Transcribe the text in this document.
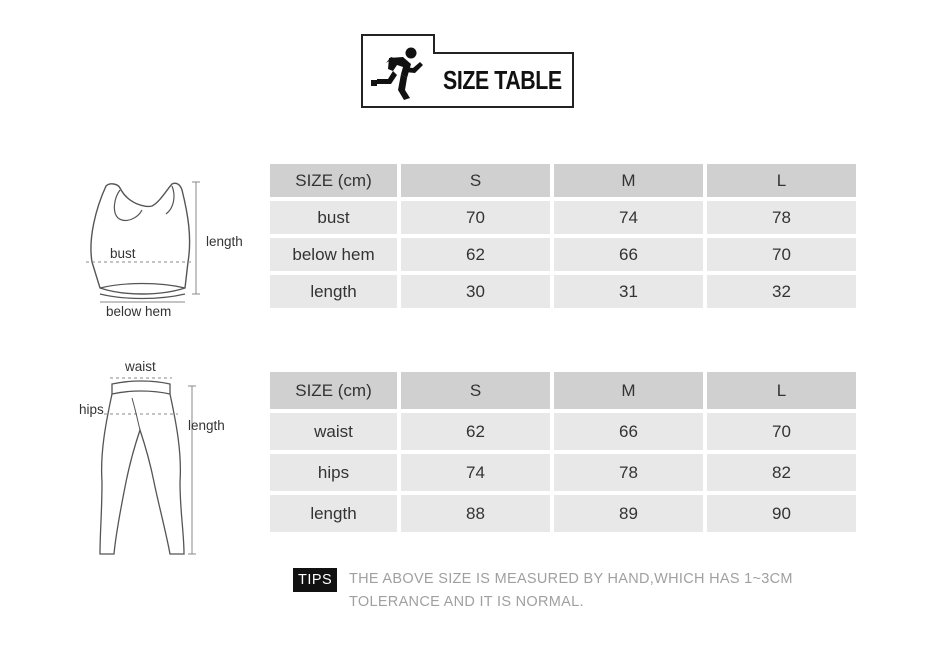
SIZE TABLE
bust
length
below hem
SIZE (cm)	S	M	L
bust	70	74	78
below hem	62	66	70
length	30	31	32
waist
hips
length
SIZE (cm)	S	M	L
waist	62	66	70
hips	74	78	82
length	88	89	90
TIPS	THE ABOVE SIZE IS MEASURED BY HAND,WHICH HAS 1~3CM
TOLERANCE AND IT IS NORMAL.
